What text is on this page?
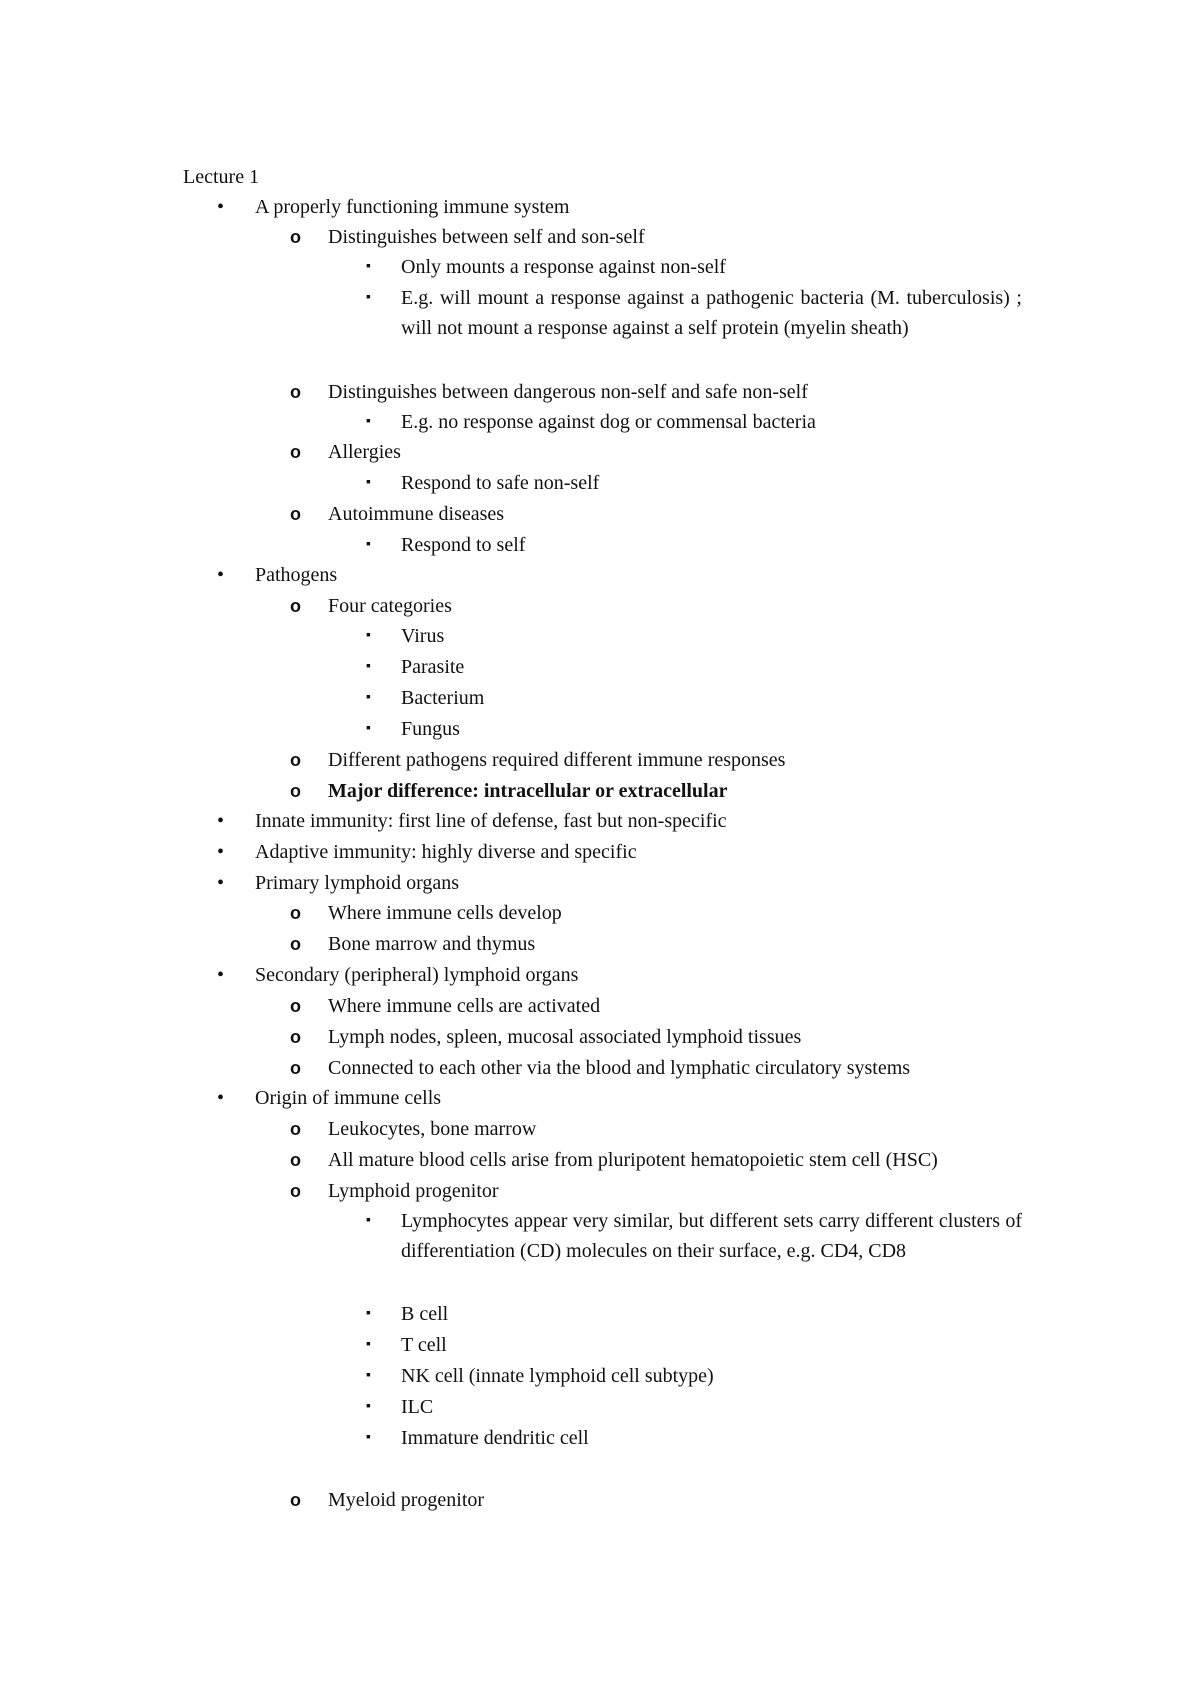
Lecture 1
• A properly functioning immune system
o Distinguishes between self and son-self
▪ Only mounts a response against non-self
▪ E.g. will mount a response against a pathogenic bacteria (M. tuberculosis) ; will not mount a response against a self protein (myelin sheath)
o Distinguishes between dangerous non-self and safe non-self
▪ E.g. no response against dog or commensal bacteria
o Allergies
▪ Respond to safe non-self
o Autoimmune diseases
▪ Respond to self
• Pathogens
o Four categories
▪ Virus
▪ Parasite
▪ Bacterium
▪ Fungus
o Different pathogens required different immune responses
o Major difference: intracellular or extracellular
• Innate immunity: first line of defense, fast but non-specific
• Adaptive immunity: highly diverse and specific
• Primary lymphoid organs
o Where immune cells develop
o Bone marrow and thymus
• Secondary (peripheral) lymphoid organs
o Where immune cells are activated
o Lymph nodes, spleen, mucosal associated lymphoid tissues
o Connected to each other via the blood and lymphatic circulatory systems
• Origin of immune cells
o Leukocytes, bone marrow
o All mature blood cells arise from pluripotent hematopoietic stem cell (HSC)
o Lymphoid progenitor
▪ Lymphocytes appear very similar, but different sets carry different clusters of differentiation (CD) molecules on their surface, e.g. CD4, CD8
▪ B cell
▪ T cell
▪ NK cell (innate lymphoid cell subtype)
▪ ILC
▪ Immature dendritic cell
o Myeloid progenitor
